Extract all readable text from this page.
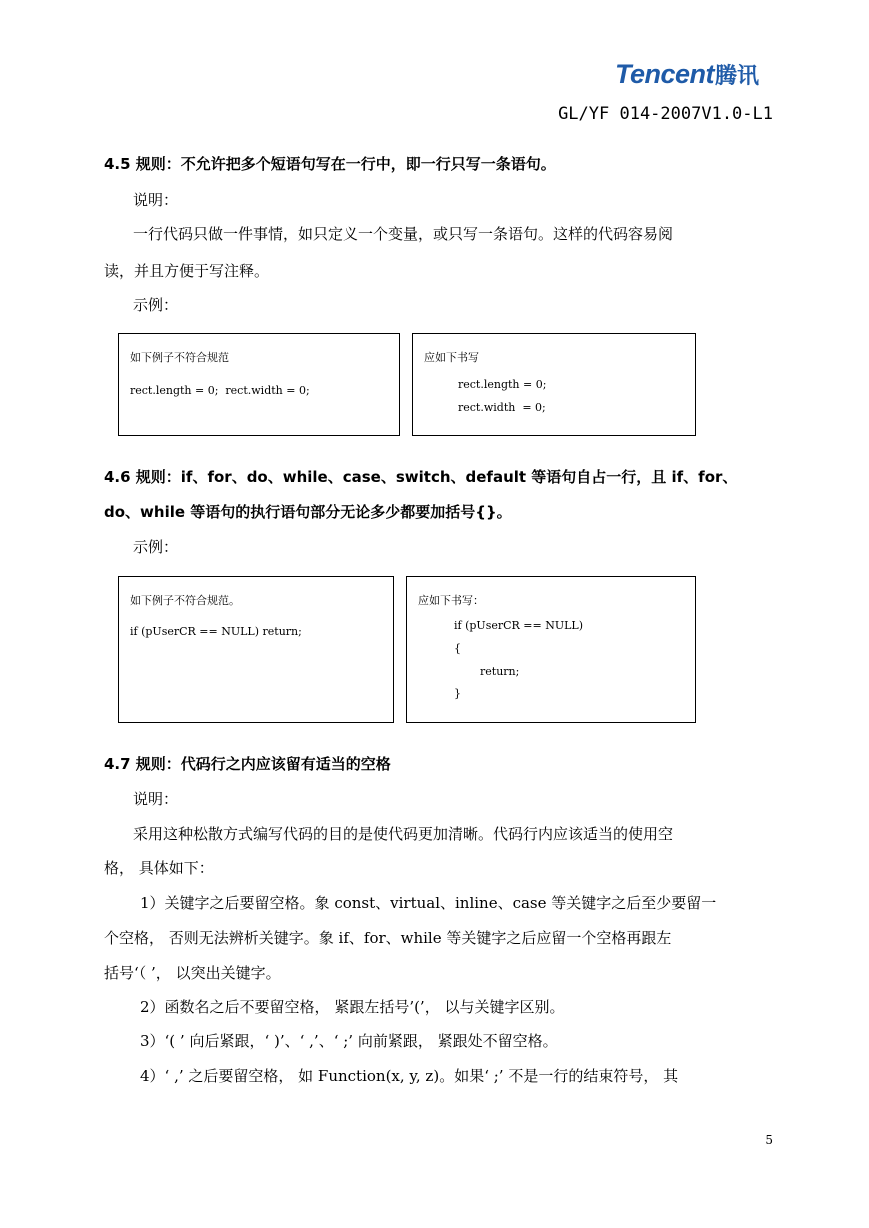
Tencent 腾讯
GL/YF 014-2007V1.0-L1
4.5 规则：不允许把多个短语句写在一行中，即一行只写一条语句。
说明：
一行代码只做一件事情，如只定义一个变量，或只写一条语句。这样的代码容易阅
读，并且方便于写注释。
示例：
如下例子不符合规范
rect.length = 0;  rect.width = 0;
应如下书写
rect.length = 0;
rect.width  = 0;
4.6 规则：if、for、do、while、case、switch、default 等语句自占一行，且 if、for、
do、while 等语句的执行语句部分无论多少都要加括号{}。
示例：
如下例子不符合规范。
if (pUserCR == NULL) return;
应如下书写：
if (pUserCR == NULL)
{
return;
}
4.7 规则：代码行之内应该留有适当的空格
说明：
采用这种松散方式编写代码的目的是使代码更加清晰。代码行内应该适当的使用空
格， 具体如下：
1）关键字之后要留空格。象 const、virtual、inline、case 等关键字之后至少要留一
个空格， 否则无法辨析关键字。象 if、for、while 等关键字之后应留一个空格再跟左
括号‘（ ’， 以突出关键字。
2）函数名之后不要留空格， 紧跟左括号’(’， 以与关键字区别。
3）‘( ’ 向后紧跟，‘ )’、‘ ,’、‘ ;’ 向前紧跟， 紧跟处不留空格。
4）‘ ,’ 之后要留空格， 如 Function(x, y, z)。如果‘ ;’ 不是一行的结束符号， 其
5
